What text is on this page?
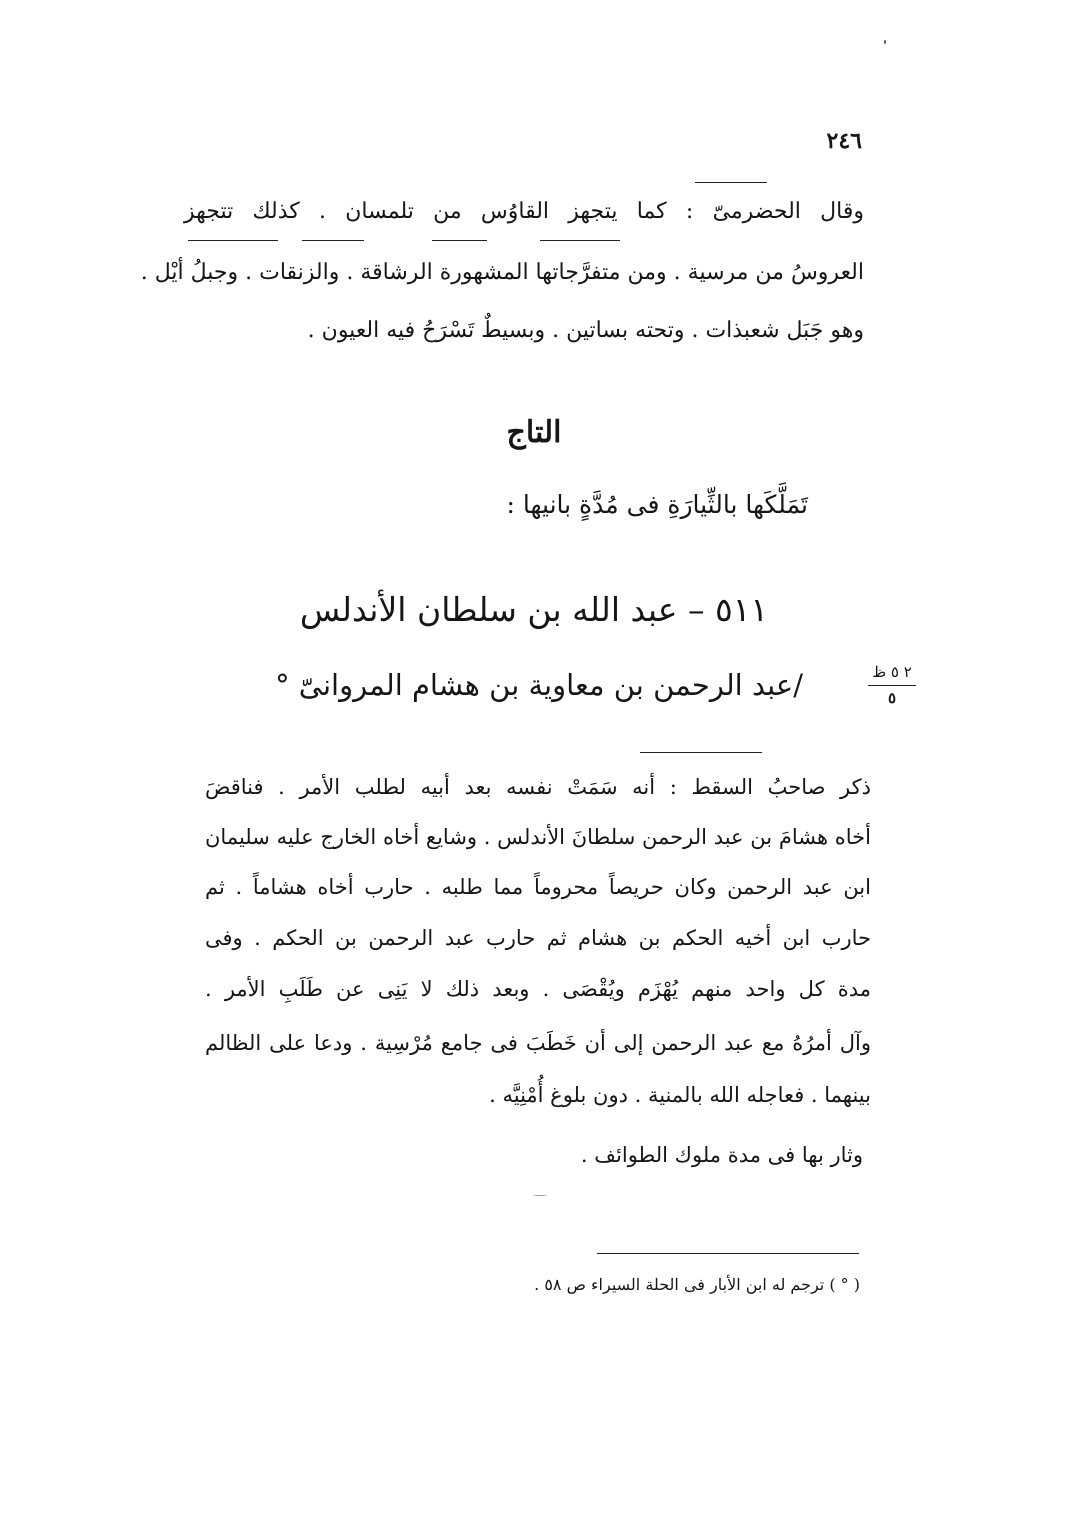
٢٤٦
وقال الحضرمىّ : كما يتجهز القاوُس من تلمسان . كذلك تتجهز
العروسُ من مرسية . ومن متفرَّجاتها المشهورة الرشاقة . والزنقات . وجبلُ أيْل .
وهو جَبَل شعبذات . وتحته بساتين . وبسيطٌ تَسْرَحُ فيه العيون .
التاج
تَمَلَّكَها بالثِّيارَةِ فى مُدَّةٍ بانيها :
٥١١ – عبد الله بن سلطان الأندلس
/عبد الرحمن بن معاوية بن هشام المروانىّ °	٢ ٥ ظ
٥
ذكر صاحبُ السقط : أنه سَمَتْ نفسه بعد أبيه لطلب الأمر . فناقضَ
أخاه هشامَ بن عبد الرحمن سلطانَ الأندلس . وشايع أخاه الخارج عليه سليمان
ابن عبد الرحمن وكان حريصاً محروماً مما طلبه . حارب أخاه هشاماً . ثم
حارب ابن أخيه الحكم بن هشام ثم حارب عبد الرحمن بن الحكم . وفى
مدة كل واحد منهم يُهْزَم ويُقْصَى . وبعد ذلك لا يَنِى عن طَلَبِ الأمر .
وآل أمرُهُ مع عبد الرحمن إلى أن خَطَبَ فى جامع مُرْسِية . ودعا على الظالم
بينهما . فعاجله الله بالمنية . دون بلوغ أُمْنِيَّه .
وثار بها فى مدة ملوك الطوائف .
( ° ) ترجم له ابن الأبار فى الحلة السيراء ص ٥٨ .
